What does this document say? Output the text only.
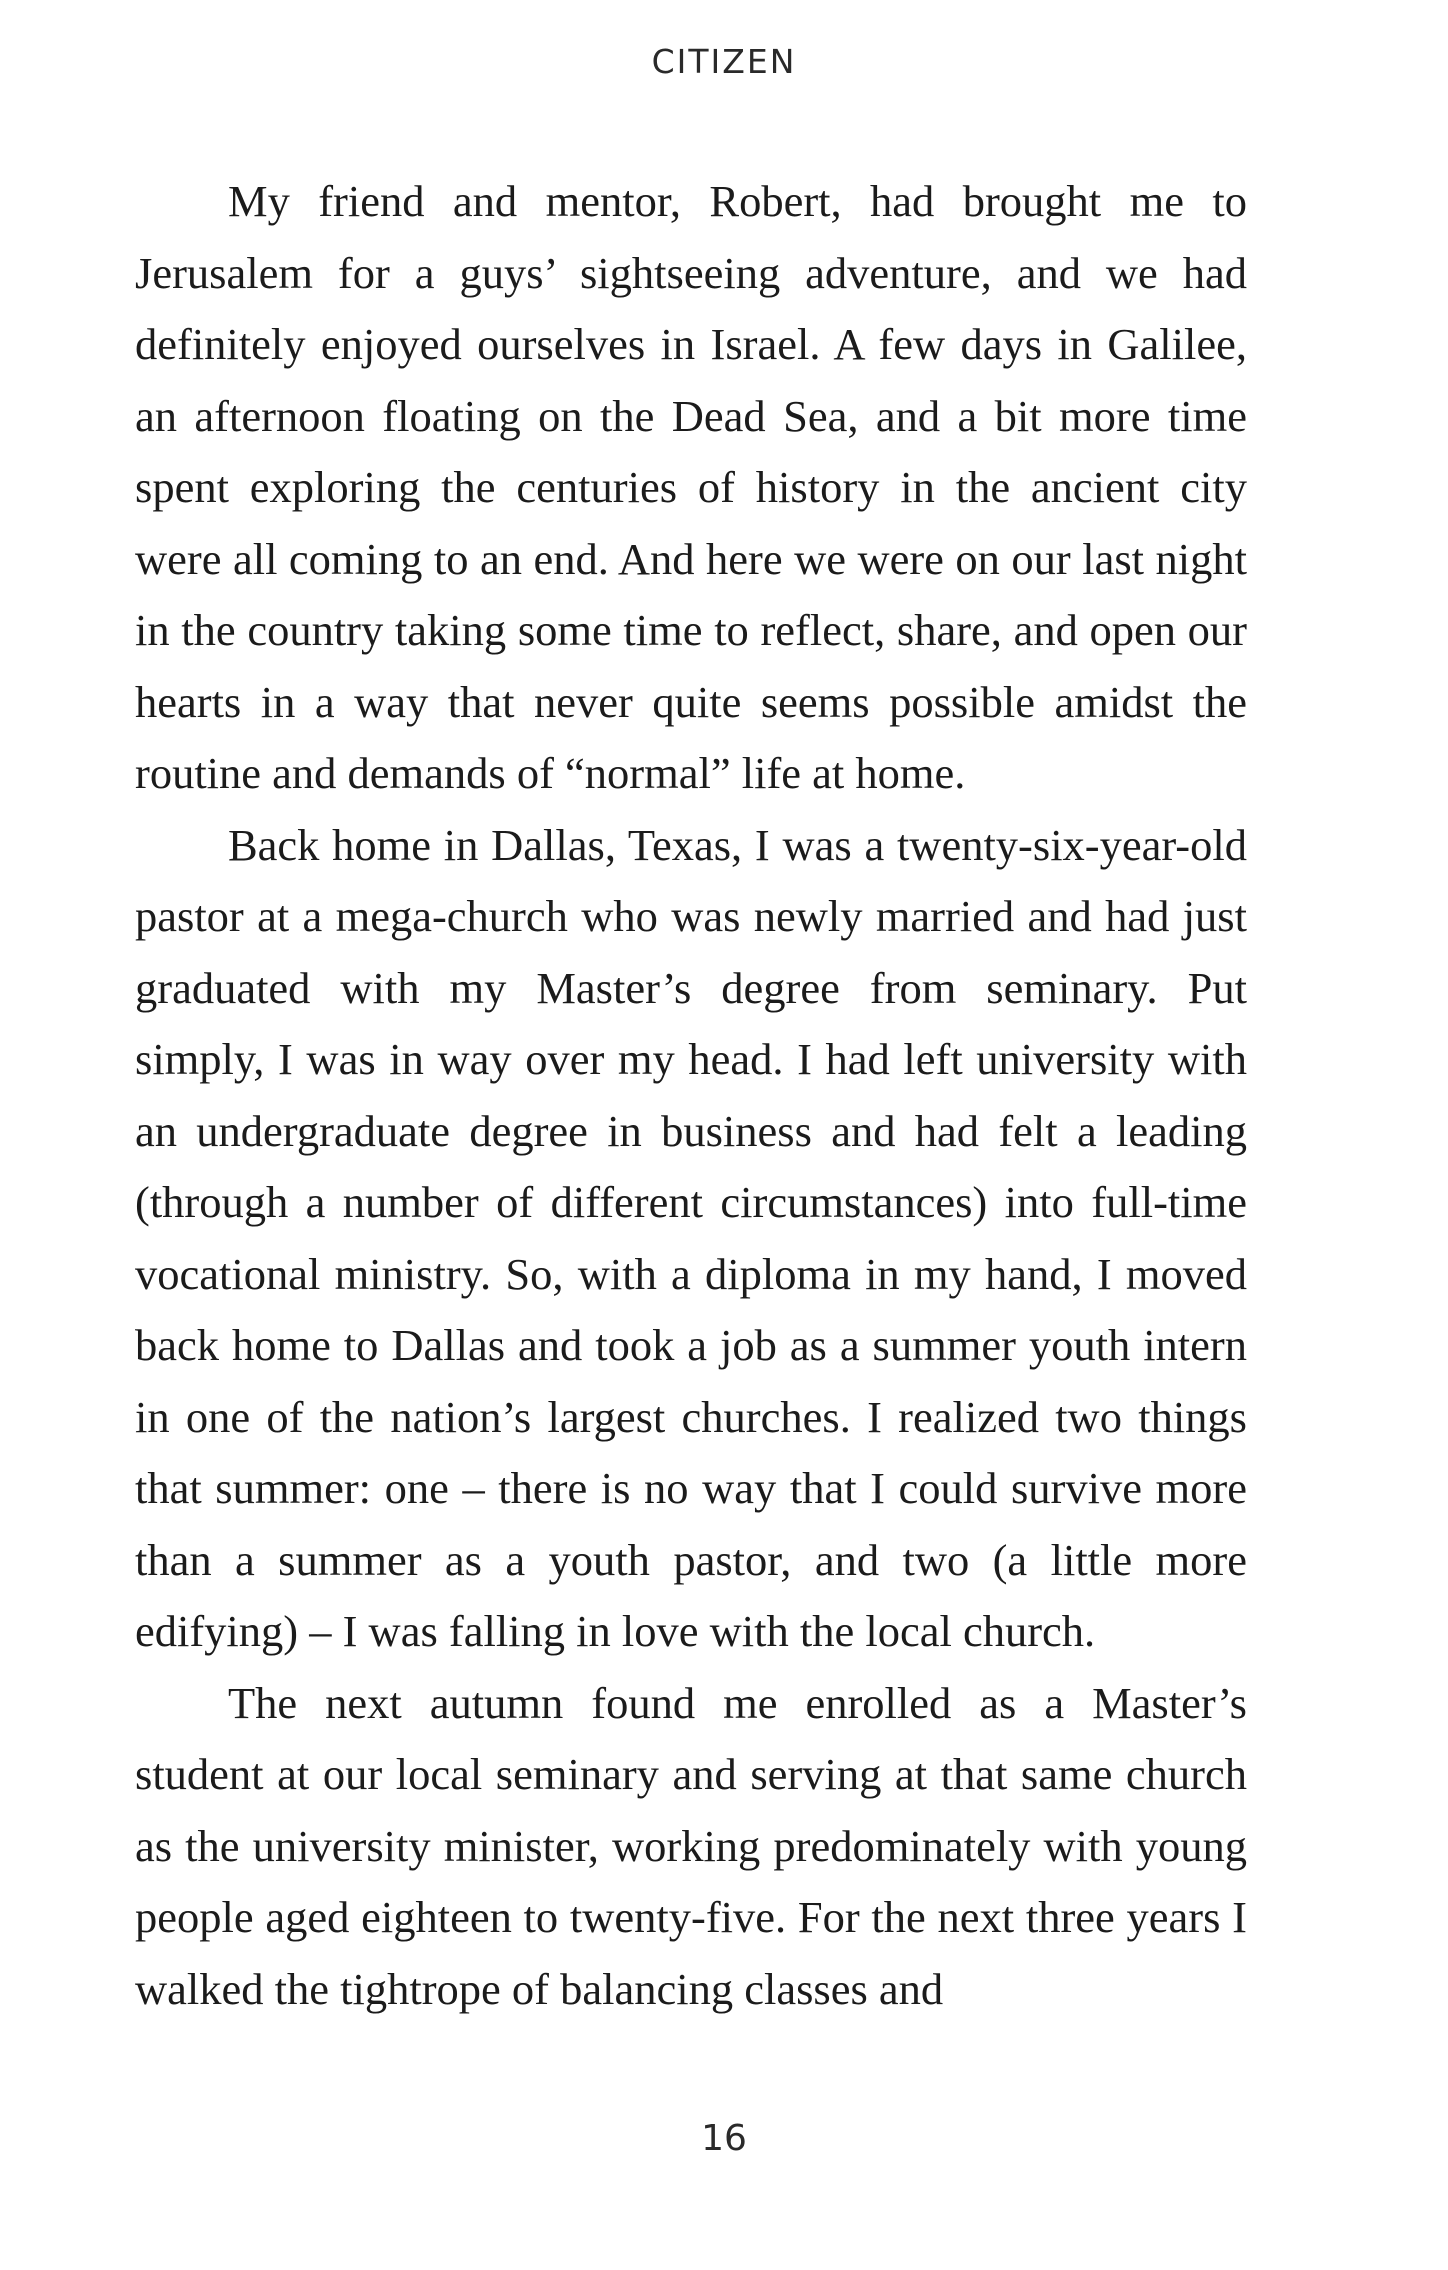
CITIZEN

My friend and mentor, Robert, had brought me to Jerusalem for a guys’ sightseeing adventure, and we had definitely enjoyed ourselves in Israel. A few days in Galilee, an afternoon floating on the Dead Sea, and a bit more time spent exploring the centuries of history in the ancient city were all coming to an end. And here we were on our last night in the country taking some time to reflect, share, and open our hearts in a way that never quite seems possible amidst the routine and demands of “normal” life at home.

Back home in Dallas, Texas, I was a twenty-six-year-old pastor at a mega-church who was newly married and had just graduated with my Master’s degree from seminary. Put simply, I was in way over my head. I had left university with an undergraduate degree in business and had felt a leading (through a number of different circumstances) into full-time vocational ministry. So, with a diploma in my hand, I moved back home to Dallas and took a job as a summer youth intern in one of the nation’s largest churches. I realized two things that summer: one – there is no way that I could survive more than a summer as a youth pastor, and two (a little more edifying) – I was falling in love with the local church.

The next autumn found me enrolled as a Master’s student at our local seminary and serving at that same church as the university minister, working predominately with young people aged eighteen to twenty-five. For the next three years I walked the tightrope of balancing classes and

16
